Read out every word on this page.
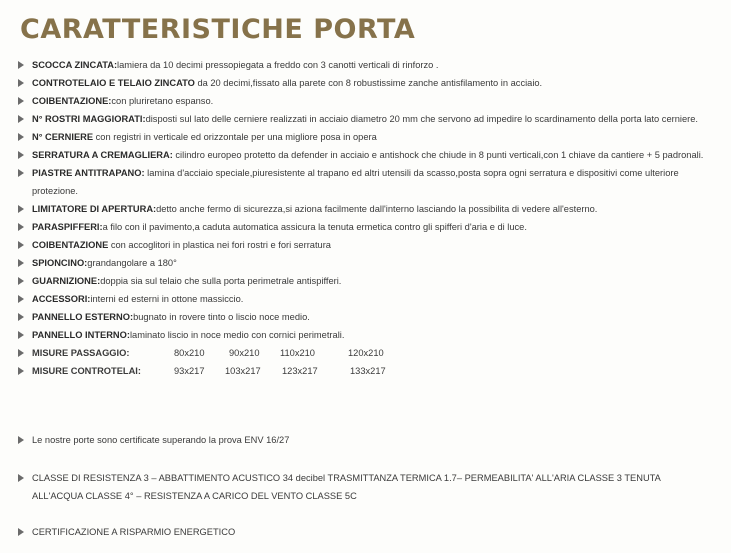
CARATTERISTICHE PORTA
SCOCCA ZINCATA:lamiera da 10 decimi pressopiegata a freddo con 3 canotti verticali di rinforzo .
CONTROTELAIO E TELAIO ZINCATO da 20 decimi,fissato alla parete con 8 robustissime zanche antisfilamento in acciaio.
COIBENTAZIONE:con pluriretano espanso.
N° ROSTRI MAGGIORATI:disposti sul lato delle cerniere realizzati in acciaio diametro 20 mm che servono ad impedire lo scardinamento della porta lato cerniere.
N° CERNIERE con registri in verticale ed orizzontale per una migliore posa in opera
SERRATURA A CREMAGLIERA: cilindro europeo protetto da defender in acciaio e antishock che chiude in 8 punti verticali,con 1 chiave da cantiere + 5 padronali.
PIASTRE ANTITRAPANO: lamina d'acciaio speciale,piuresistente al trapano ed altri utensili da scasso,posta sopra ogni serratura e dispositivi come ulteriore protezione.
LIMITATORE DI APERTURA:detto anche fermo di sicurezza,si aziona facilmente dall'interno lasciando la possibilita di vedere all'esterno.
PARASPIFFERI:a filo con il pavimento,a caduta automatica assicura la tenuta ermetica contro gli spifferi d'aria e di luce.
COIBENTAZIONE con accoglitori in plastica nei fori rostri e fori serratura
SPIONCINO:grandangolare a 180°
GUARNIZIONE:doppia sia sul telaio che sulla porta perimetrale antispifferi.
ACCESSORI:interni ed esterni in ottone massiccio.
PANNELLO ESTERNO:bugnato in rovere tinto o liscio noce medio.
PANNELLO INTERNO:laminato liscio in noce medio con cornici perimetrali.
MISURE PASSAGGIO:	80x210	90x210 110x210	120x210
MISURE CONTROTELAI:	93x217 103x217 123x217	133x217
Le nostre porte sono certificate superando la prova ENV 16/27
CLASSE DI RESISTENZA 3 – ABBATTIMENTO ACUSTICO 34 decibel TRASMITTANZA TERMICA 1.7– PERMEABILITA' ALL'ARIA CLASSE 3 TENUTA ALL'ACQUA CLASSE 4° – RESISTENZA A CARICO DEL VENTO CLASSE 5C
CERTIFICAZIONE A RISPARMIO ENERGETICO
